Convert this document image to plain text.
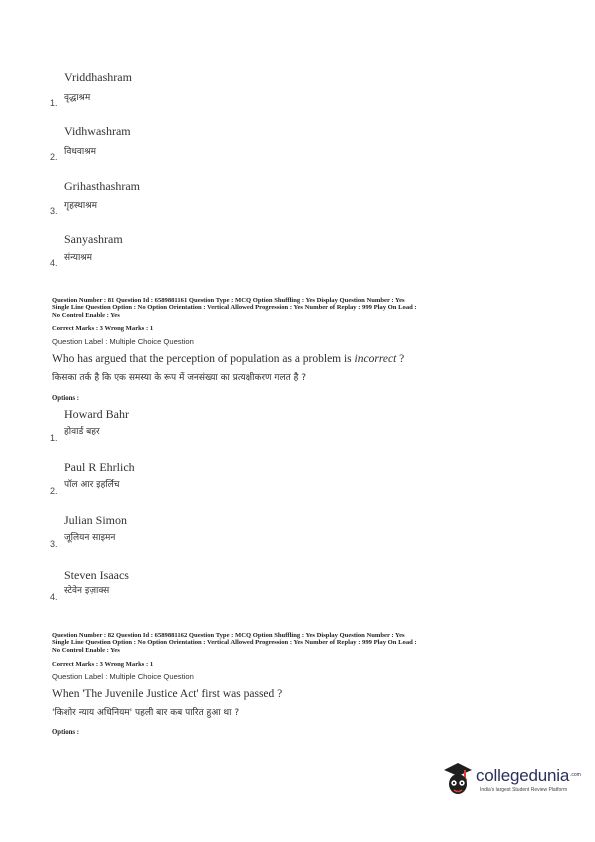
Vriddhashram
वृद्धाश्रम
1.
Vidhwashram
विधवाश्रम
2.
Grihasthashram
गृहस्थाश्रम
3.
Sanyashram
संन्याश्रम
4.
Question Number : 81 Question Id : 6589881161 Question Type : MCQ Option Shuffling : Yes Display Question Number : Yes
Single Line Question Option : No Option Orientation : Vertical Allowed Progression : Yes Number of Replay : 999 Play On Load :
No Control Enable : Yes
Correct Marks : 3 Wrong Marks : 1
Question Label : Multiple Choice Question
Who has argued that the perception of population as a problem is incorrect ?
किसका तर्क है कि एक समस्या के रूप में जनसंख्या का प्रत्यक्षीकरण गलत है ?
Options :
Howard Bahr
होवार्ड बहर
1.
Paul R Ehrlich
पॉल आर इहर्लिच
2.
Julian Simon
जूलियन साइमन
3.
Steven Isaacs
स्टेवेन इज़ाक्स
4.
Question Number : 82 Question Id : 6589881162 Question Type : MCQ Option Shuffling : Yes Display Question Number : Yes
Single Line Question Option : No Option Orientation : Vertical Allowed Progression : Yes Number of Replay : 999 Play On Load :
No Control Enable : Yes
Correct Marks : 3 Wrong Marks : 1
Question Label : Multiple Choice Question
When 'The Juvenile Justice Act' first was passed ?
'किशोर न्याय अधिनियम' पहली बार कब पारित हुआ था ?
Options :
collegedunia .com
India's largest Student Review Platform
